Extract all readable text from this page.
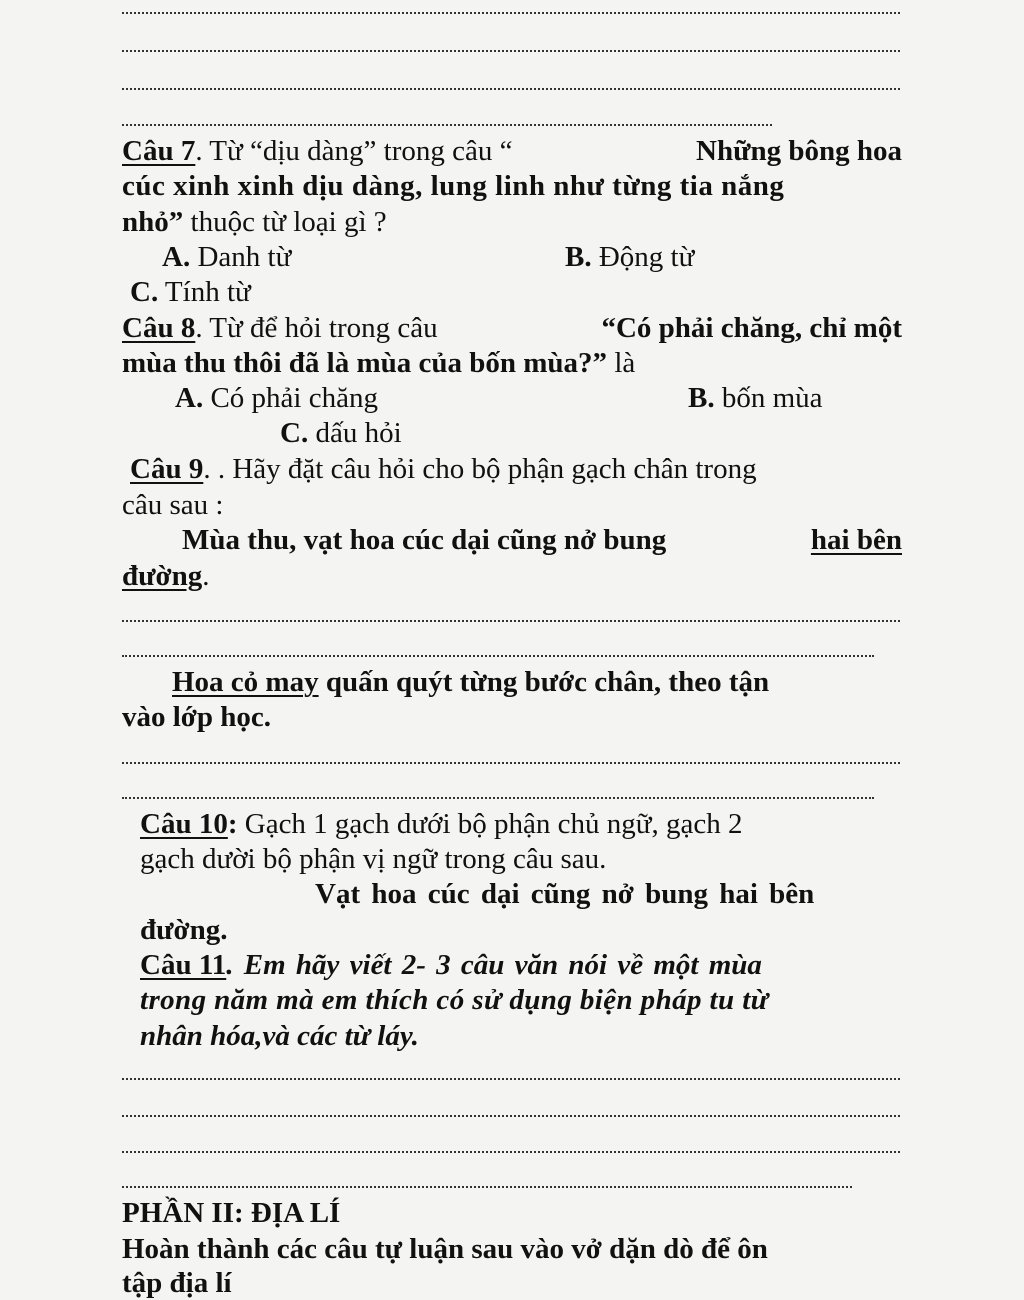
Câu 7. Từ “dịu dàng” trong câu “	Những bông hoa
cúc xinh xinh dịu dàng, lung linh như từng tia nắng
nhỏ” thuộc từ loại gì ?
A. Danh từ	B. Động từ
C. Tính từ
Câu 8. Từ để hỏi trong câu	“Có phải chăng, chỉ một
mùa thu thôi đã là mùa của bốn mùa?” là
A. Có phải chăng	B. bốn mùa
C. dấu hỏi
Câu 9. . Hãy đặt câu hỏi cho bộ phận gạch chân trong
câu sau :
Mùa thu, vạt hoa cúc dại cũng nở bung	hai bên
đường.
Hoa cỏ may quấn quýt từng bước chân, theo tận
vào lớp học.
Câu 10: Gạch 1 gạch dưới bộ phận chủ ngữ, gạch 2
gạch dười bộ phận vị ngữ trong câu sau.
Vạt hoa cúc dại cũng nở bung hai bên
đường.
Câu 11. Em hãy viết 2- 3 câu văn nói về một mùa
trong năm mà em thích có sử dụng biện pháp tu từ
nhân hóa,và các từ láy.
PHẦN II: ĐỊA LÍ
Hoàn thành các câu tự luận sau vào vở dặn dò để ôn
tập địa lí
